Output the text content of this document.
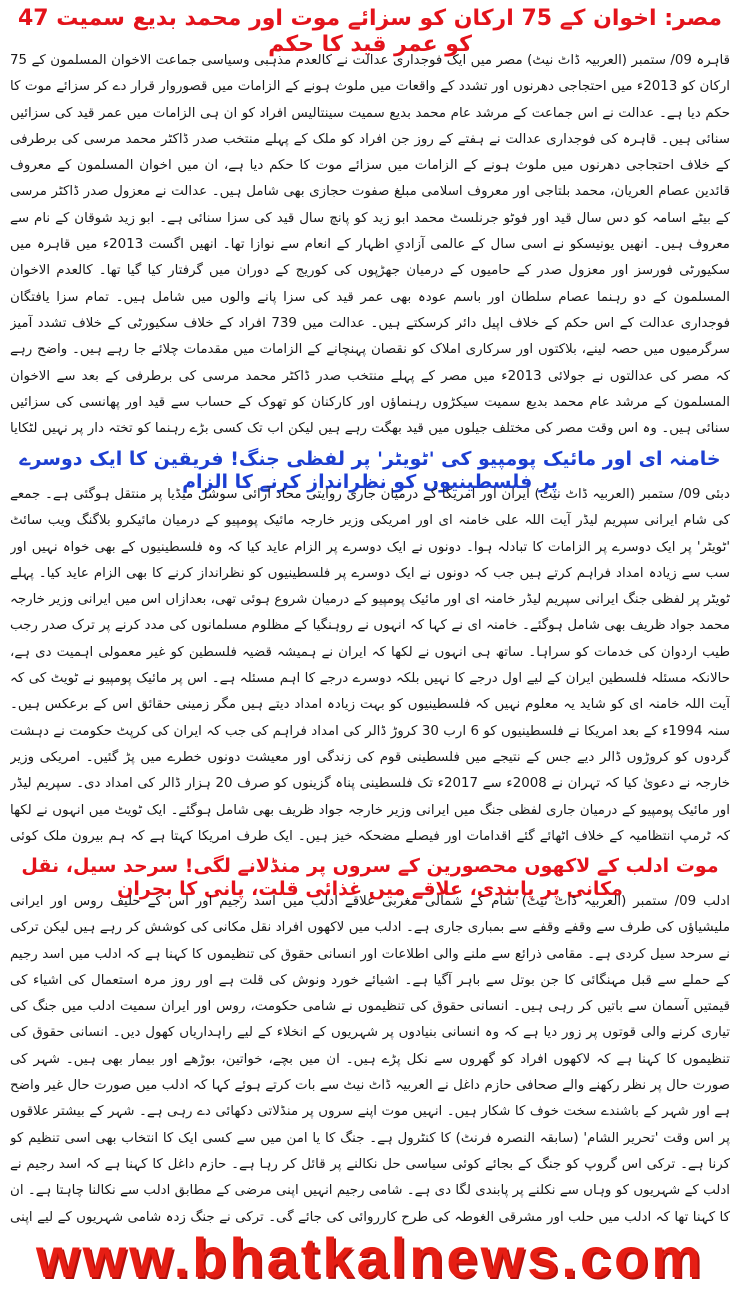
مصر: اخوان کے 75 ارکان کو سزائے موت اور محمد بدیع سمیت 47 کو عمر قید کا حکم

قاہرہ 09/ ستمبر (العربیہ ڈاٹ نیٹ) مصر میں ایک فوجداری عدالت نے کالعدم مذہبی وسیاسی جماعت الاخوان المسلمون کے 75 ارکان کو 2013ء میں احتجاجی دھرنوں اور تشدد کے واقعات میں ملوث ہونے کے الزامات میں قصوروار قرار دے کر سزائے موت کا حکم دیا ہے۔ عدالت نے اس جماعت کے مرشد عام محمد بدیع سمیت سینتالیس افراد کو ان ہی الزامات میں عمر قید کی سزائیں سنائی ہیں۔ قاہرہ کی فوجداری عدالت نے ہفتے کے روز جن افراد کو ملک کے پہلے منتخب صدر ڈاکٹر محمد مرسی کی برطرفی کے خلاف احتجاجی دھرنوں میں ملوث ہونے کے الزامات میں سزائے موت کا حکم دیا ہے، ان میں اخوان المسلمون کے معروف قائدین عصام العریان، محمد بلتاجی اور معروف اسلامی مبلغ صفوت حجازی بھی شامل ہیں۔ عدالت نے معزول صدر ڈاکٹر مرسی کے بیٹے اسامہ کو دس سال قید اور فوٹو جرنلسٹ محمد ابو زید کو پانچ سال قید کی سزا سنائی ہے۔ ابو زید شوقان کے نام سے معروف ہیں۔ انھیں یونیسکو نے اسی سال کے عالمی آزادیِ اظہار کے انعام سے نوازا تھا۔ انھیں اگست 2013ء میں قاہرہ میں سکیورٹی فورسز اور معزول صدر کے حامیوں کے درمیان جھڑپوں کی کوریج کے دوران میں گرفتار کیا گیا تھا۔ کالعدم الاخوان المسلمون کے دو رہنما عصام سلطان اور باسم عودہ بھی عمر قید کی سزا پانے والوں میں شامل ہیں۔ تمام سزا یافتگان فوجداری عدالت کے اس حکم کے خلاف اپیل دائر کرسکتے ہیں۔ عدالت میں 739 افراد کے خلاف سکیورٹی کے خلاف تشدد آمیز سرگرمیوں میں حصہ لینے، بلاکتوں اور سرکاری املاک کو نقصان پہنچانے کے الزامات میں مقدمات چلائے جا رہے ہیں۔ واضح رہے کہ مصر کی عدالتوں نے جولائی 2013ء میں مصر کے پہلے منتخب صدر ڈاکٹر محمد مرسی کی برطرفی کے بعد سے الاخوان المسلمون کے مرشد عام محمد بدیع سمیت سیکڑوں رہنماؤں اور کارکنان کو تھوک کے حساب سے قید اور پھانسی کی سزائیں سنائی ہیں۔ وہ اس وقت مصر کی مختلف جیلوں میں قید بھگت رہے ہیں لیکن اب تک کسی بڑے رہنما کو تختہ دار پر نہیں لٹکایا

خامنہ ای اور مائیک پومپیو کی 'ٹویٹر' پر لفظی جنگ! فریقین کا ایک دوسرے پر فلسطینیوں کو نظرانداز کرنے کا الزام

دبئی 09/ ستمبر (العربیہ ڈاٹ نیٹ) ایران اور امریکا کے درمیان جاری روایتی محاذ آرائی سوشل میڈیا پر منتقل ہوگئی ہے۔ جمعے کی شام ایرانی سپریم لیڈر آیت اللہ علی خامنہ ای اور امریکی وزیر خارجہ مائیک پومپیو کے درمیان مائیکرو بلاگنگ ویب سائٹ 'ٹویٹر' پر ایک دوسرے پر الزامات کا تبادلہ ہوا۔ دونوں نے ایک دوسرے پر الزام عاید کیا کہ وہ فلسطینیوں کے بھی خواہ نہیں اور سب سے زیادہ امداد فراہم کرتے ہیں جب کہ دونوں نے ایک دوسرے پر فلسطینیوں کو نظرانداز کرنے کا بھی الزام عاید کیا۔ پہلے ٹویٹر پر لفظی جنگ ایرانی سپریم لیڈر خامنہ ای اور مائیک پومپیو کے درمیان شروع ہوئی تھی، بعدازاں اس میں ایرانی وزیر خارجہ محمد جواد ظریف بھی شامل ہوگئے۔ خامنہ ای نے کہا کہ انہوں نے روہنگیا کے مظلوم مسلمانوں کی مدد کرنے پر ترک صدر رجب طیب اردوان کی خدمات کو سراہا۔ ساتھ ہی انہوں نے لکھا کہ ایران نے ہمیشہ قضیہ فلسطین کو غیر معمولی اہمیت دی ہے، حالانکہ مسئلہ فلسطین ایران کے لیے اول درجے کا نہیں بلکہ دوسرے درجے کا اہم مسئلہ ہے۔ اس پر مائیک پومپیو نے ٹویٹ کی کہ آیت اللہ خامنہ ای کو شاید یہ معلوم نہیں کہ فلسطینیوں کو بہت زیادہ امداد دیتے ہیں مگر زمینی حقائق اس کے برعکس ہیں۔ سنہ 1994ء کے بعد امریکا نے فلسطینیوں کو 6 ارب 30 کروڑ ڈالر کی امداد فراہم کی جب کہ ایران کی کرپٹ حکومت نے دہشت گردوں کو کروڑوں ڈالر دیے جس کے نتیجے میں فلسطینی قوم کی زندگی اور معیشت دونوں خطرے میں پڑ گئیں۔ امریکی وزیر خارجہ نے دعویٰ کیا کہ تہران نے 2008ء سے 2017ء تک فلسطینی پناہ گزینوں کو صرف 20 ہزار ڈالر کی امداد دی۔ سپریم لیڈر اور مائیک پومپیو کے درمیان جاری لفظی جنگ میں ایرانی وزیر خارجہ جواد ظریف بھی شامل ہوگئے۔ ایک ٹویٹ میں انہوں نے لکھا کہ ٹرمپ انتظامیہ کے خلاف اٹھائے گئے اقدامات اور فیصلے مضحکہ خیز ہیں۔ ایک طرف امریکا کہتا ہے کہ ہم بیرون ملک کوئی

موت ادلب کے لاکھوں محصورین کے سروں پر منڈلانے لگی! سرحد سیل، نقل مکانی پر پابندی، علاقے میں غذائی قلت، پانی کا بحران

ادلب 09/ ستمبر (العربیہ ڈاٹ نیٹ) شام کے شمالی مغربی علاقے ادلب میں اسد رجیم اور اس کے حلیف روس اور ایرانی ملیشیاؤں کی طرف سے وقفے وقفے سے بمباری جاری ہے۔ ادلب میں لاکھوں افراد نقل مکانی کی کوشش کر رہے ہیں لیکن ترکی نے سرحد سیل کردی ہے۔ مقامی ذرائع سے ملنے والی اطلاعات اور انسانی حقوق کی تنظیموں کا کہنا ہے کہ ادلب میں اسد رجیم کے حملے سے قبل مہنگائی کا جن بوتل سے باہر آگیا ہے۔ اشیائے خورد ونوش کی قلت ہے اور روز مرہ استعمال کی اشیاء کی قیمتیں آسمان سے باتیں کر رہی ہیں۔ انسانی حقوق کی تنظیموں نے شامی حکومت، روس اور ایران سمیت ادلب میں جنگ کی تیاری کرنے والی قوتوں پر زور دیا ہے کہ وہ انسانی بنیادوں پر شہریوں کے انخلاء کے لیے راہداریاں کھول دیں۔ انسانی حقوق کی تنظیموں کا کہنا ہے کہ لاکھوں افراد کو گھروں سے نکل پڑے ہیں۔ ان میں بچے، خواتین، بوڑھے اور بیمار بھی ہیں۔ شہر کی صورت حال پر نظر رکھنے والے صحافی حازم داغل نے العربیہ ڈاٹ نیٹ سے بات کرتے ہوئے کہا کہ ادلب میں صورت حال غیر واضح ہے اور شہر کے باشندے سخت خوف کا شکار ہیں۔ انہیں موت اپنے سروں پر منڈلاتی دکھائی دے رہی ہے۔ شہر کے بیشتر علاقوں پر اس وقت 'تحریر الشام' (سابقہ النصرہ فرنٹ) کا کنٹرول ہے۔ جنگ کا یا امن میں سے کسی ایک کا انتخاب بھی اسی تنظیم کو کرنا ہے۔ ترکی اس گروپ کو جنگ کے بجائے کوئی سیاسی حل نکالنے پر قائل کر رہا ہے۔ حازم داغل کا کہنا ہے کہ اسد رجیم نے ادلب کے شہریوں کو وہاں سے نکلنے پر پابندی لگا دی ہے۔ شامی رجیم انہیں اپنی مرضی کے مطابق ادلب سے نکالنا چاہتا ہے۔ ان کا کہنا تھا کہ ادلب میں حلب اور مشرقی الغوطہ کی طرح کارروائی کی جائے گی۔ ترکی نے جنگ زدہ شامی شہریوں کے لیے اپنی

www.bhatkalnews.com
